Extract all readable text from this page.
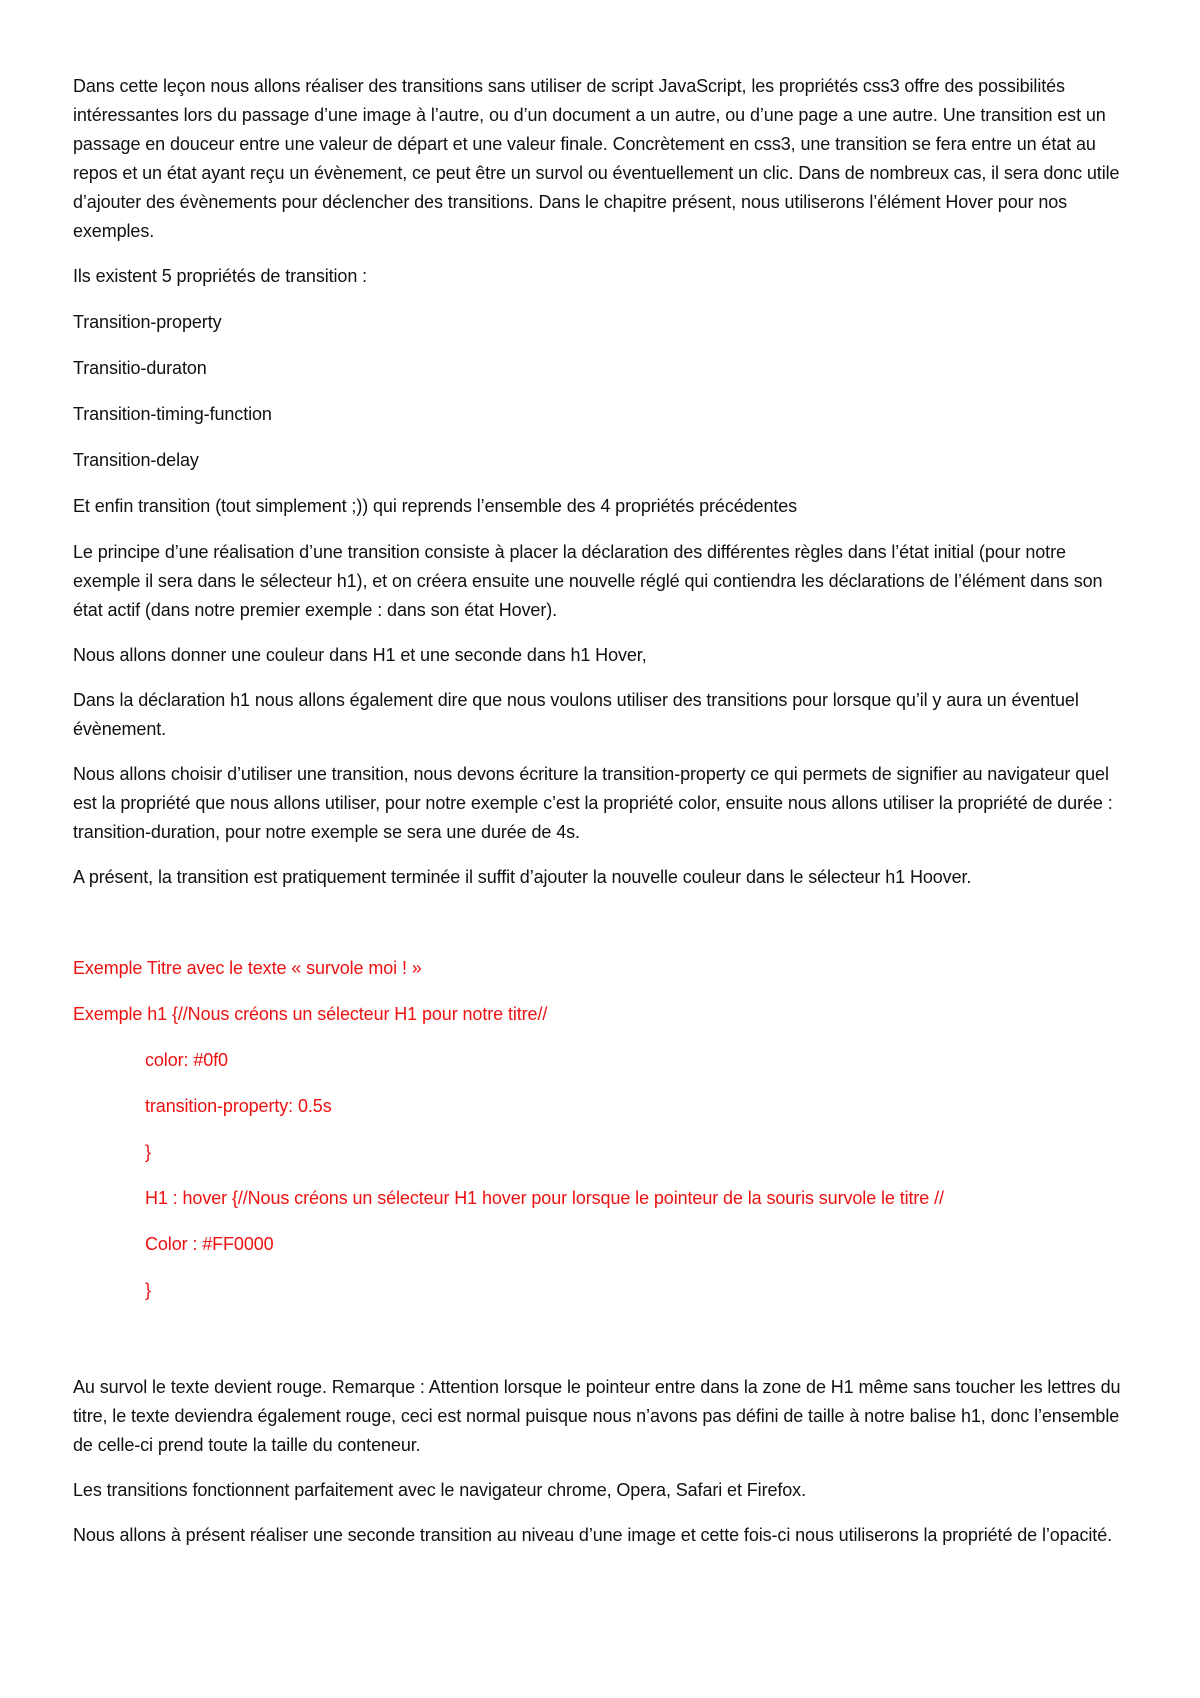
Dans cette leçon nous allons réaliser des transitions sans utiliser de script JavaScript, les propriétés css3 offre des possibilités intéressantes lors du passage d’une image à l’autre, ou d’un document a un autre, ou d’une page a une autre. Une transition est un passage en douceur entre une valeur de départ et une valeur finale. Concrètement en css3, une transition se fera entre un état au repos et un état ayant reçu un évènement, ce peut être un survol ou éventuellement un clic. Dans de nombreux cas, il sera donc utile d’ajouter des évènements pour déclencher des transitions. Dans le chapitre présent, nous utiliserons l’élément Hover pour nos exemples.

Ils existent 5 propriétés de transition :

Transition-property

Transitio-duraton

Transition-timing-function

Transition-delay

Et enfin transition (tout simplement ;)) qui reprends l’ensemble des 4 propriétés précédentes

Le principe d’une réalisation d’une transition consiste à placer la déclaration des différentes règles dans l’état initial (pour notre exemple il sera dans le sélecteur h1), et on créera ensuite une nouvelle réglé qui contiendra les déclarations de l’élément dans son état actif (dans notre premier exemple : dans son état Hover).

Nous allons donner une couleur dans H1 et une seconde dans h1 Hover,

Dans la déclaration h1 nous allons également dire que nous voulons utiliser des transitions pour lorsque qu’il y aura un éventuel évènement.

Nous allons choisir d’utiliser une transition, nous devons écriture la transition-property ce qui permets de signifier au navigateur quel est la propriété que nous allons utiliser, pour notre exemple c’est la propriété color, ensuite nous allons utiliser la propriété de durée : transition-duration, pour notre exemple se sera une durée de 4s.

A présent, la transition est pratiquement terminée il suffit d’ajouter la nouvelle couleur dans le sélecteur h1 Hoover.

Exemple Titre avec le texte « survole moi ! »

Exemple h1 {//Nous créons un sélecteur H1 pour notre titre//

color: #0f0

transition-property: 0.5s

}

H1 : hover {//Nous créons un sélecteur H1 hover pour lorsque le pointeur de la souris survole le titre //

Color : #FF0000

}

Au survol le texte devient rouge. Remarque : Attention lorsque le pointeur entre dans la zone de H1 même sans toucher les lettres du titre, le texte deviendra également rouge, ceci est normal puisque nous n’avons pas défini de taille à notre balise h1, donc l’ensemble de celle-ci prend toute la taille du conteneur.

Les transitions fonctionnent parfaitement avec le navigateur chrome, Opera, Safari et Firefox.

Nous allons à présent réaliser une seconde transition au niveau d’une image et cette fois-ci nous utiliserons la propriété de l’opacité.
